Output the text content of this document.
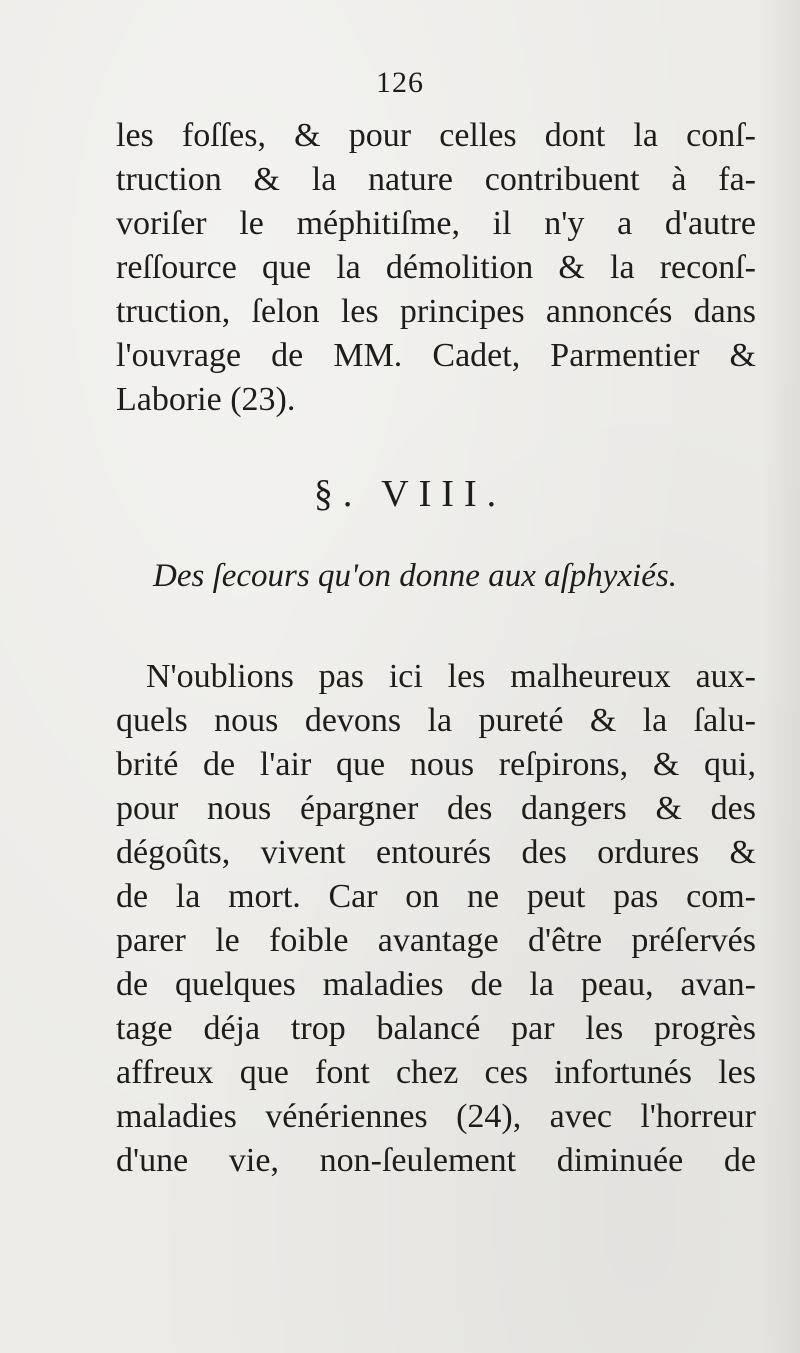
126
les foſſes, & pour celles dont la conſ-
truction & la nature contribuent à fa-
voriſer le méphitiſme, il n'y a d'autre
reſſource que la démolition & la reconſ-
truction, ſelon les principes annoncés dans
l'ouvrage de MM. Cadet, Parmentier &
Laborie (23).
§. VIII.
Des ſecours qu'on donne aux aſphyxiés.
N'oublions pas ici les malheureux aux-
quels nous devons la pureté & la ſalu-
brité de l'air que nous reſpirons, & qui,
pour nous épargner des dangers & des
dégoûts, vivent entourés des ordures &
de la mort. Car on ne peut pas com-
parer le foible avantage d'être préſervés
de quelques maladies de la peau, avan-
tage déja trop balancé par les progrès
affreux que font chez ces infortunés les
maladies vénériennes (24), avec l'horreur
d'une vie, non-ſeulement diminuée de
